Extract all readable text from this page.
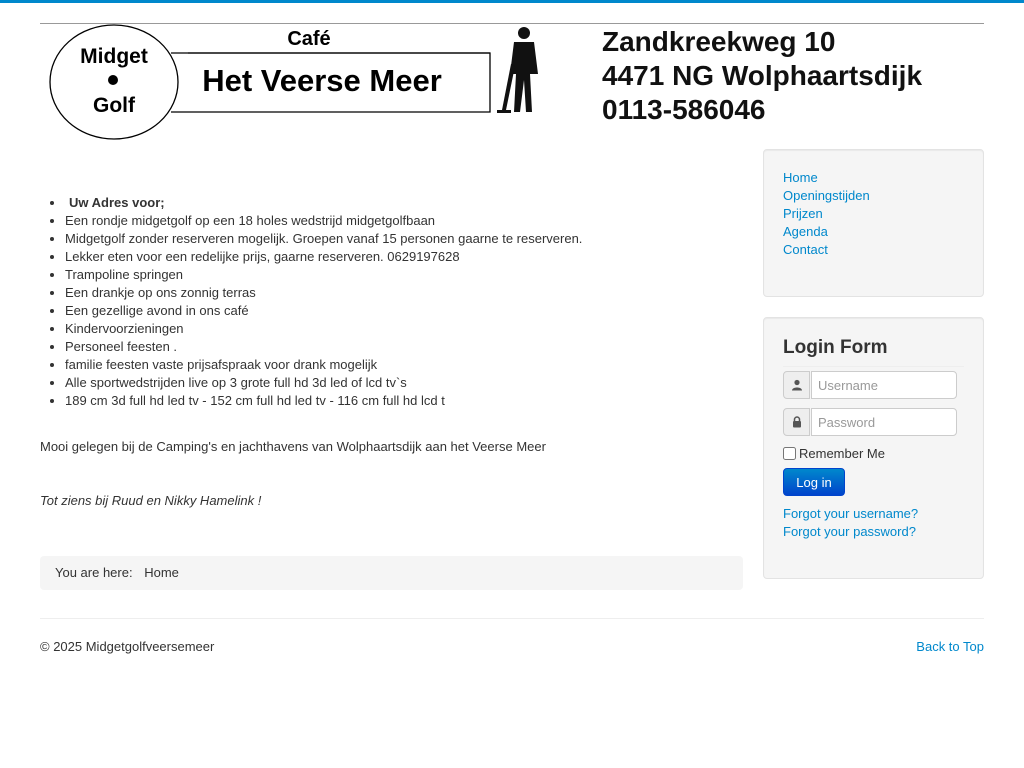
Midget
Golf
Café
Het Veerse Meer
Zandkreekweg 10
4471 NG Wolphaartsdijk
0113-586046
• Uw Adres voor;
• Een rondje midgetgolf op een 18 holes wedstrijd midgetgolfbaan
• Midgetgolf zonder reserveren mogelijk. Groepen vanaf 15 personen gaarne te reserveren.
• Lekker eten voor een redelijke prijs, gaarne reserveren. 0629197628
• Trampoline springen
• Een drankje op ons zonnig terras
• Een gezellige avond in ons café
• Kindervoorzieningen
• Personeel feesten .
• familie feesten vaste prijsafspraak voor drank mogelijk
• Alle sportwedstrijden live op 3 grote full hd 3d led of lcd tv`s
• 189 cm 3d full hd led tv - 152 cm full hd led tv - 116 cm full hd lcd t
Mooi gelegen bij de Camping's en jachthavens van Wolphaartsdijk aan het Veerse Meer
Tot ziens bij Ruud en Nikky Hamelink !
You are here: Home
Home
Openingstijden
Prijzen
Agenda
Contact
Login Form
Username
Remember Me
Log in
Forgot your username?
Forgot your password?
© 2025 Midgetgolfveersemeer	Back to Top
